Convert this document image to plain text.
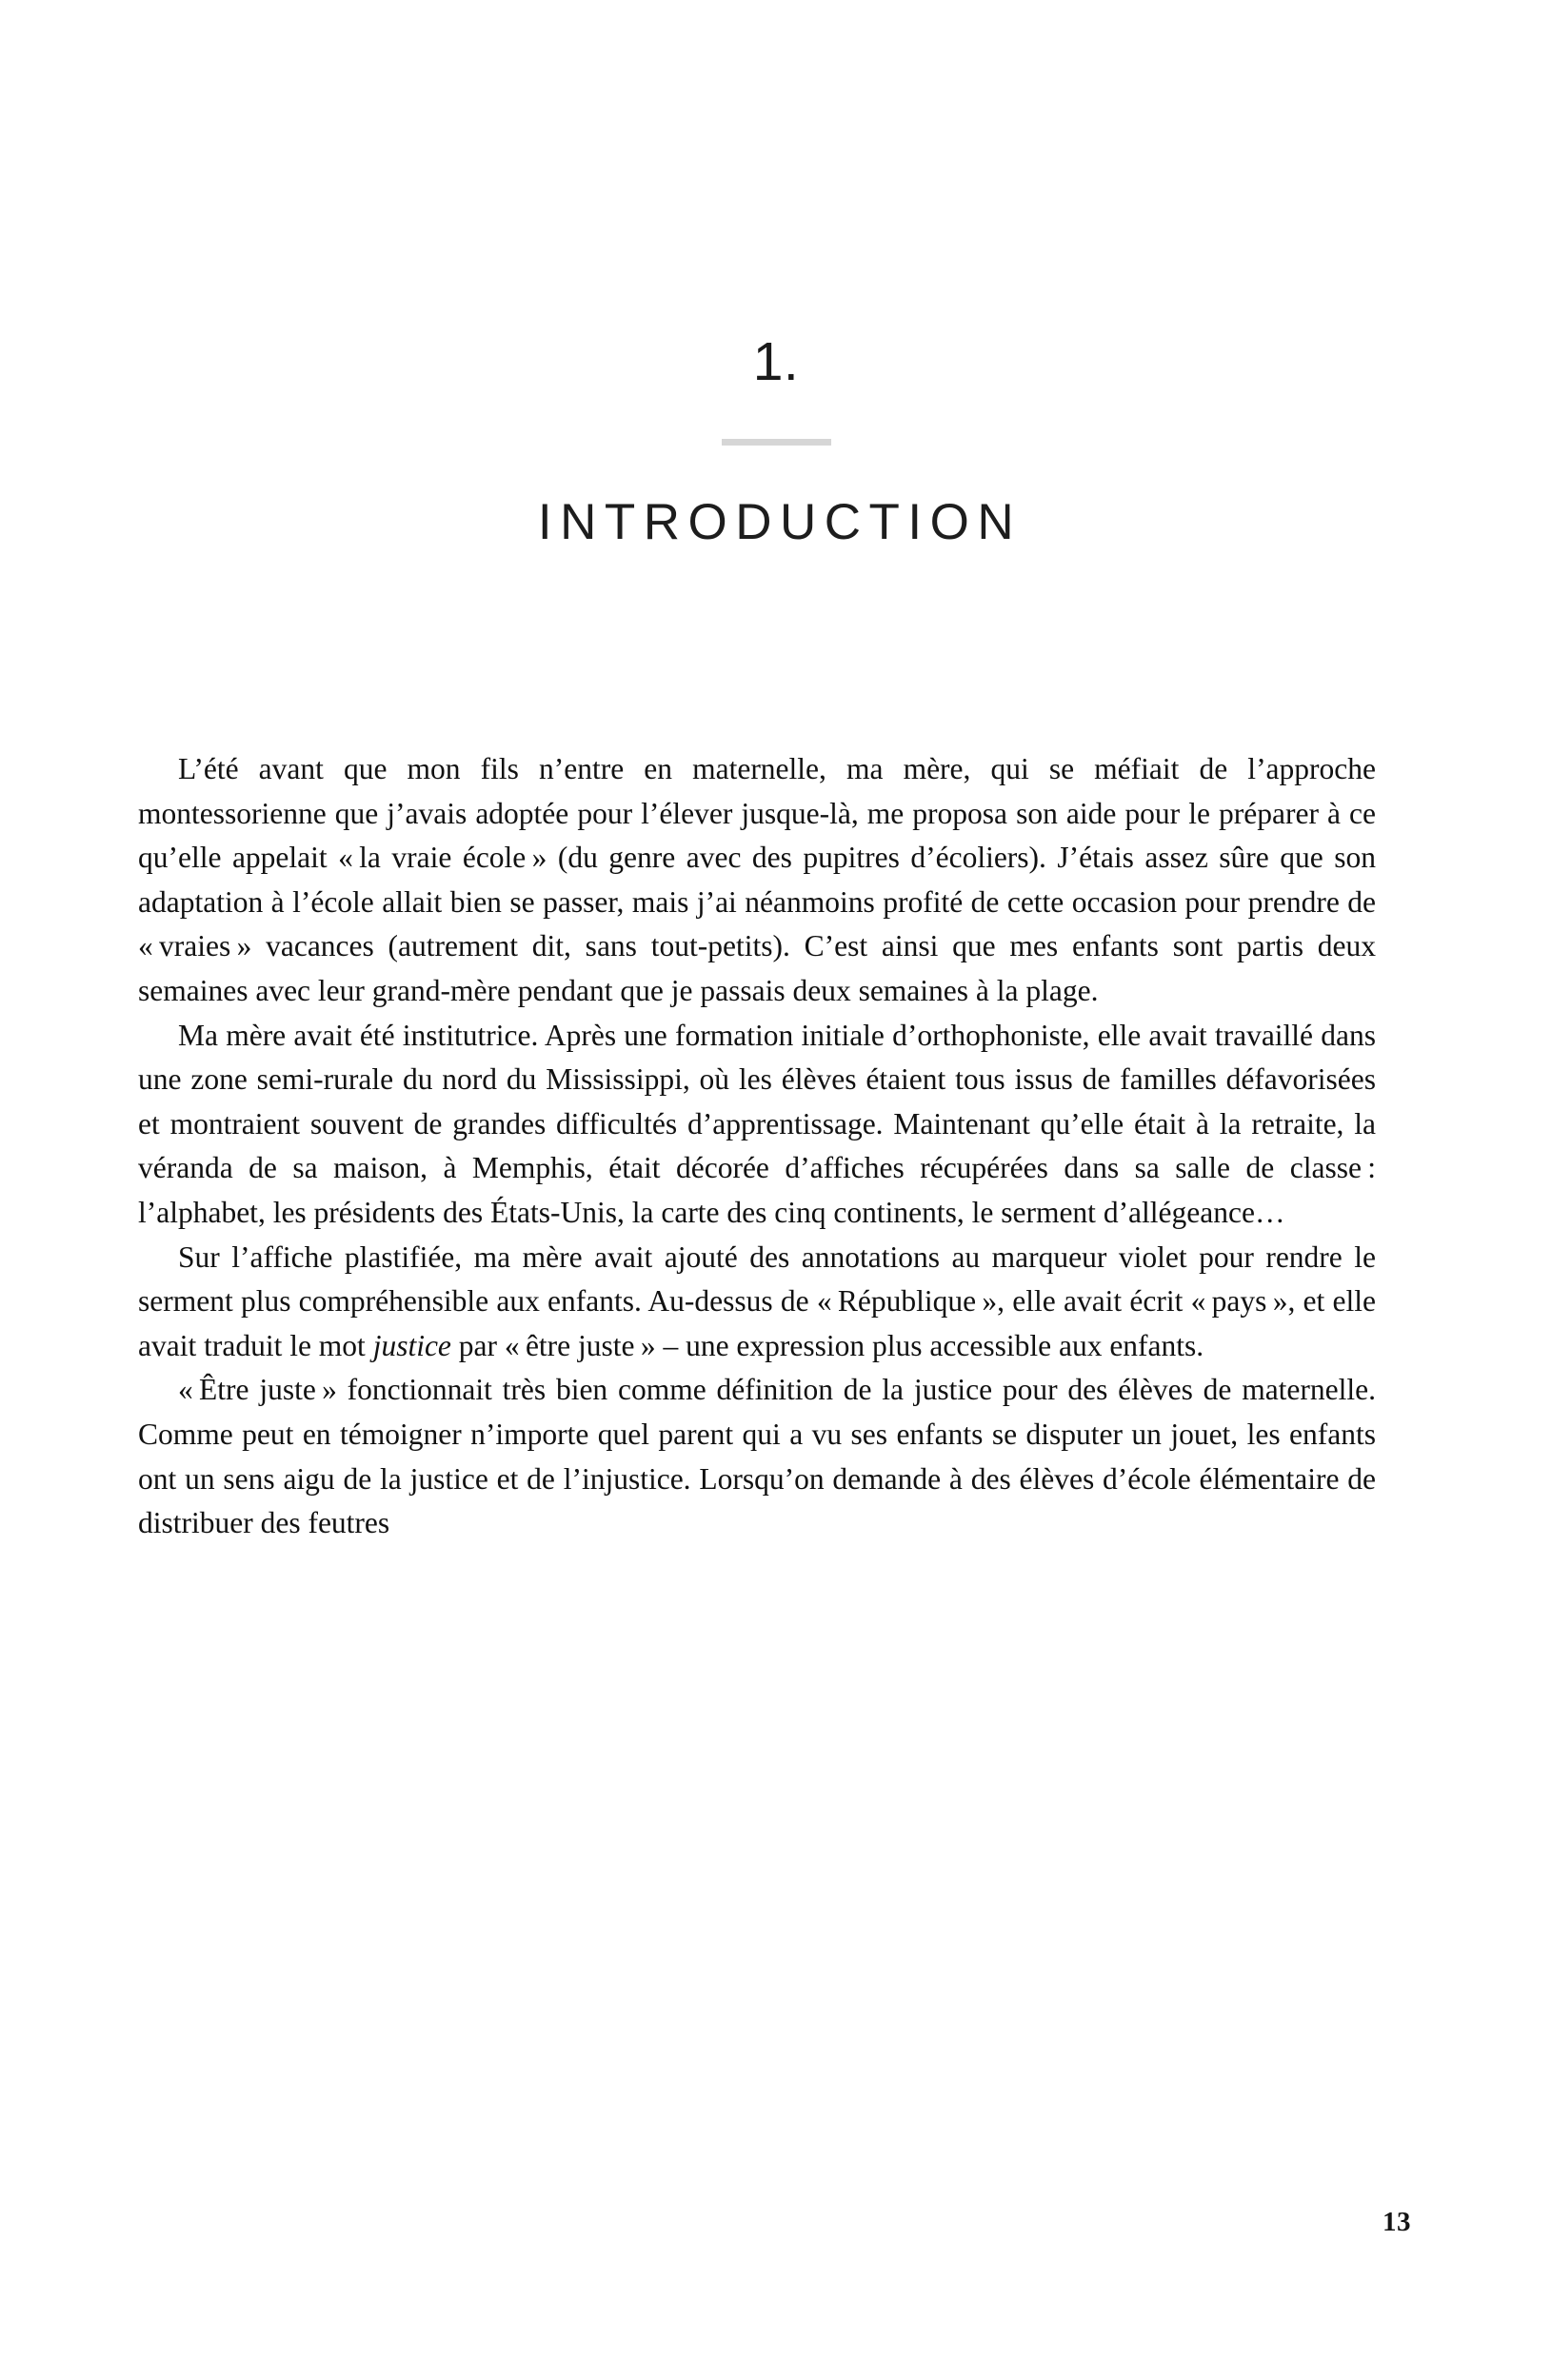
1.
INTRODUCTION

L’été avant que mon fils n’entre en maternelle, ma mère, qui se méfiait de l’approche montessorienne que j’avais adoptée pour l’élever jusque-là, me proposa son aide pour le préparer à ce qu’elle appelait « la vraie école » (du genre avec des pupitres d’écoliers). J’étais assez sûre que son adaptation à l’école allait bien se passer, mais j’ai néanmoins profité de cette occasion pour prendre de « vraies » vacances (autrement dit, sans tout-petits). C’est ainsi que mes enfants sont partis deux semaines avec leur grand-mère pendant que je passais deux semaines à la plage.

Ma mère avait été institutrice. Après une formation initiale d’orthophoniste, elle avait travaillé dans une zone semi-rurale du nord du Mississippi, où les élèves étaient tous issus de familles défavorisées et montraient souvent de grandes difficultés d’apprentissage. Maintenant qu’elle était à la retraite, la véranda de sa maison, à Memphis, était décorée d’affiches récupérées dans sa salle de classe : l’alphabet, les présidents des États-Unis, la carte des cinq continents, le serment d’allégeance…

Sur l’affiche plastifiée, ma mère avait ajouté des annotations au marqueur violet pour rendre le serment plus compréhensible aux enfants. Au-dessus de « République », elle avait écrit « pays », et elle avait traduit le mot justice par « être juste » – une expression plus accessible aux enfants.

« Être juste » fonctionnait très bien comme définition de la justice pour des élèves de maternelle. Comme peut en témoigner n’importe quel parent qui a vu ses enfants se disputer un jouet, les enfants ont un sens aigu de la justice et de l’injustice. Lorsqu’on demande à des élèves d’école élémentaire de distribuer des feutres

13
